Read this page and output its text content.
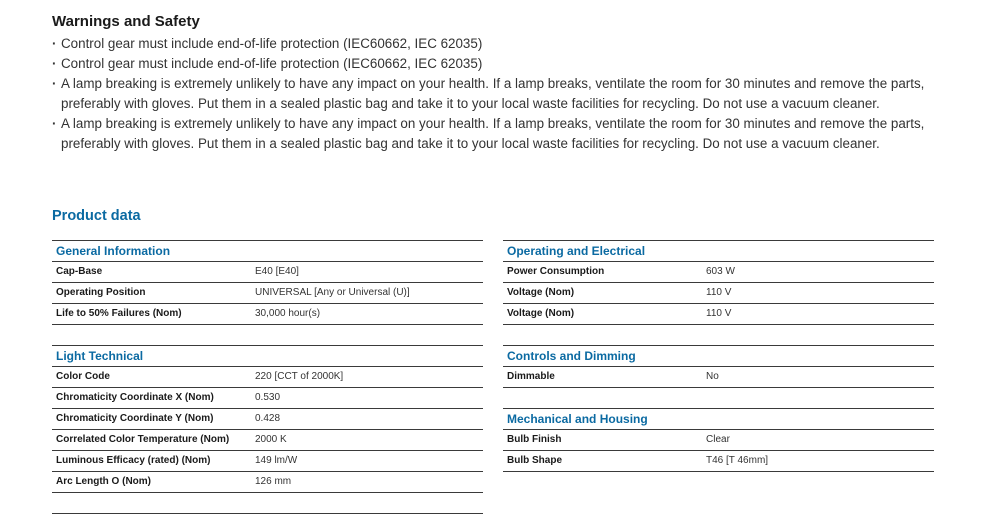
Warnings and Safety
· Control gear must include end-of-life protection (IEC60662, IEC 62035)
· Control gear must include end-of-life protection (IEC60662, IEC 62035)
· A lamp breaking is extremely unlikely to have any impact on your health. If a lamp breaks, ventilate the room for 30 minutes and remove the parts, preferably with gloves. Put them in a sealed plastic bag and take it to your local waste facilities for recycling. Do not use a vacuum cleaner.
· A lamp breaking is extremely unlikely to have any impact on your health. If a lamp breaks, ventilate the room for 30 minutes and remove the parts, preferably with gloves. Put them in a sealed plastic bag and take it to your local waste facilities for recycling. Do not use a vacuum cleaner.
Product data
General Information
Cap-Base	E40 [E40]
Operating Position	UNIVERSAL [Any or Universal (U)]
Life to 50% Failures (Nom)	30,000 hour(s)
Light Technical
Color Code	220 [CCT of 2000K]
Chromaticity Coordinate X (Nom)	0.530
Chromaticity Coordinate Y (Nom)	0.428
Correlated Color Temperature (Nom)	2000 K
Luminous Efficacy (rated) (Nom)	149 lm/W
Arc Length O (Nom)	126 mm
Operating and Electrical
Power Consumption	603 W
Voltage (Nom)	110 V
Voltage (Nom)	110 V
Controls and Dimming
Dimmable	No
Mechanical and Housing
Bulb Finish	Clear
Bulb Shape	T46 [T 46mm]
